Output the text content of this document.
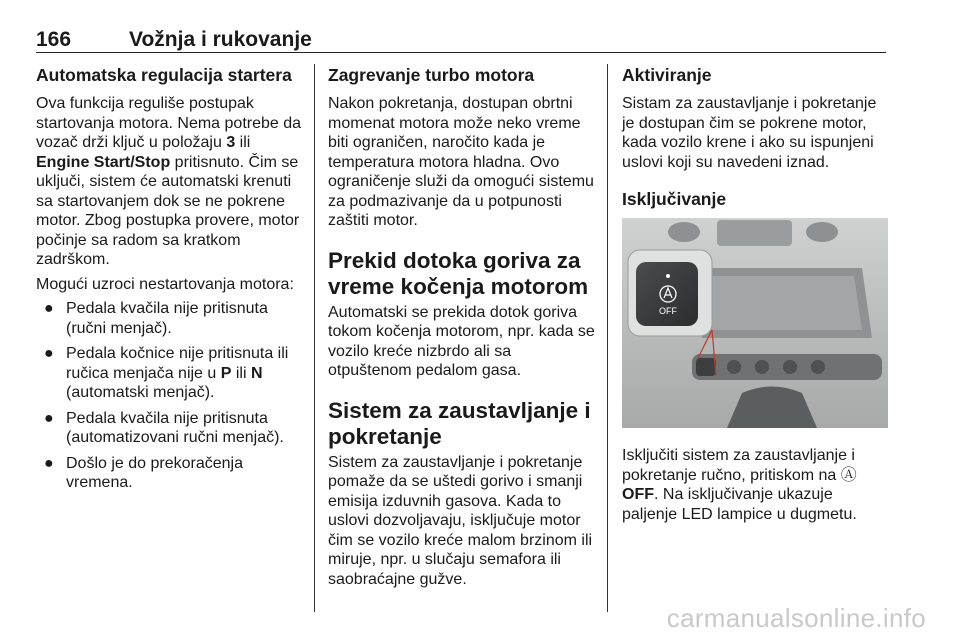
166	Vožnja i rukovanje
Automatska regulacija startera

Ova funkcija reguliše postupak startovanja motora. Nema potrebe da vozač drži ključ u položaju 3 ili Engine Start/Stop pritisnuto. Čim se uključi, sistem će automatski krenuti sa startovanjem dok se ne pokrene motor. Zbog postupka provere, motor počinje sa radom sa kratkom zadrškom.

Mogući uzroci nestartovanja motora:

● Pedala kvačila nije pritisnuta (ručni menjač).
● Pedala kočnice nije pritisnuta ili ručica menjača nije u P ili N (automatski menjač).
● Pedala kvačila nije pritisnuta (automatizovani ručni menjač).
● Došlo je do prekoračenja vremena.
Zagrevanje turbo motora

Nakon pokretanja, dostupan obrtni momenat motora može neko vreme biti ograničen, naročito kada je temperatura motora hladna. Ovo ograničenje služi da omogući sistemu za podmazivanje da u potpunosti zaštiti motor.

Prekid dotoka goriva za vreme kočenja motorom

Automatski se prekida dotok goriva tokom kočenja motorom, npr. kada se vozilo kreće nizbrdo ali sa otpuštenom pedalom gasa.

Sistem za zaustavljanje i pokretanje

Sistem za zaustavljanje i pokretanje pomaže da se uštedi gorivo i smanji emisija izduvnih gasova. Kada to uslovi dozvoljavaju, isključuje motor čim se vozilo kreće malom brzinom ili miruje, npr. u slučaju semafora ili saobraćajne gužve.

Aktiviranje

Sistam za zaustavljanje i pokretanje je dostupan čim se pokrene motor, kada vozilo krene i ako su ispunjeni uslovi koji su navedeni iznad.

Isključivanje
OFF

Isključiti sistem za zaustavljanje i pokretanje ručno, pritiskom na Ⓐ
OFF. Na isključivanje ukazuje paljenje LED lampice u dugmetu.

carmanualsonline.info
